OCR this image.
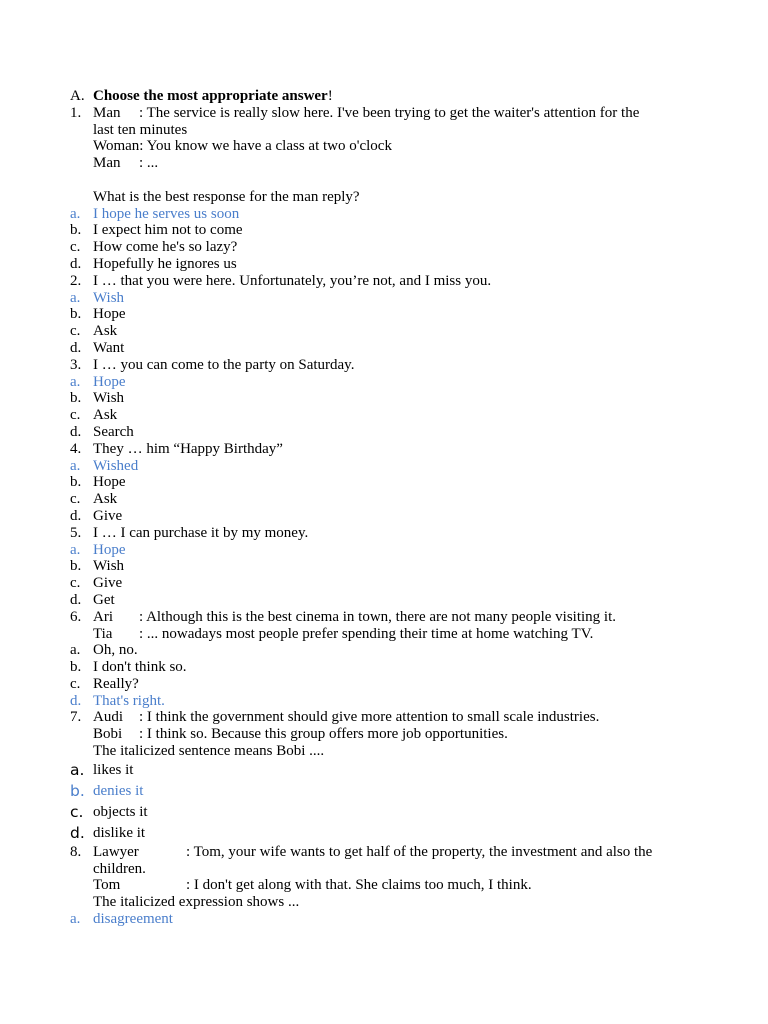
A. Choose the most appropriate answer!
1. Man : The service is really slow here. I've been trying to get the waiter's attention for the
last ten minutes
Woman: You know we have a class at two o'clock
Man : ...
What is the best response for the man reply?
a. I hope he serves us soon
b. I expect him not to come
c. How come he's so lazy?
d. Hopefully he ignores us
2. I … that you were here. Unfortunately, you’re not, and I miss you.
a. Wish
b. Hope
c. Ask
d. Want
3. I … you can come to the party on Saturday.
a. Hope
b. Wish
c. Ask
d. Search
4. They … him “Happy Birthday”
a. Wished
b. Hope
c. Ask
d. Give
5. I … I can purchase it by my money.
a. Hope
b. Wish
c. Give
d. Get
6. Ari : Although this is the best cinema in town, there are not many people visiting it.
Tia : ... nowadays most people prefer spending their time at home watching TV.
a. Oh, no.
b. I don't think so.
c. Really?
d. That's right.
7. Audi : I think the government should give more attention to small scale industries.
Bobi : I think so. Because this group offers more job opportunities.
The italicized sentence means Bobi ....
a. likes it
b. denies it
c. objects it
d. dislike it
8. Lawyer	: Tom, your wife wants to get half of the property, the investment and also the
children.
Tom	: I don't get along with that. She claims too much, I think.
The italicized expression shows ...
a. disagreement
